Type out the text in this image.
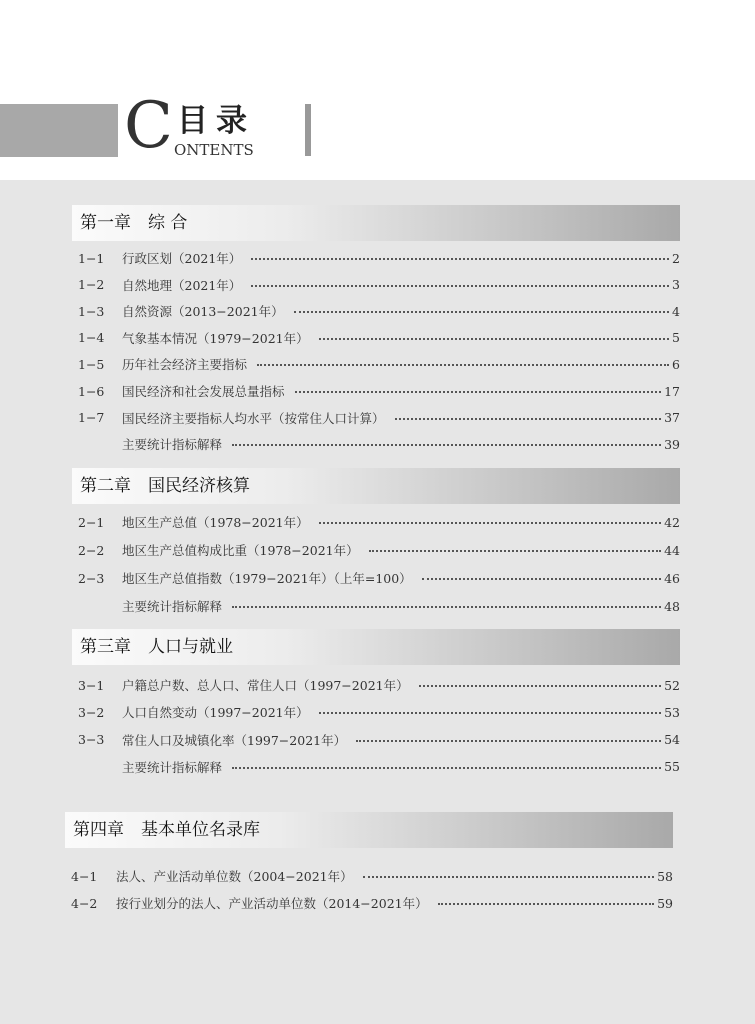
C 目录
ONTENTS
第一章　综 合
1−1	行政区划（2021年）	2
1−2	自然地理（2021年）	3
1−3	自然资源（2013−2021年）	4
1−4	气象基本情况（1979−2021年）	5
1−5	历年社会经济主要指标	6
1−6	国民经济和社会发展总量指标	17
1−7	国民经济主要指标人均水平（按常住人口计算）	37
主要统计指标解释	39
第二章　国民经济核算
2−1	地区生产总值（1978−2021年）	42
2−2	地区生产总值构成比重（1978−2021年）	44
2−3	地区生产总值指数（1979−2021年）（上年=100）	46
主要统计指标解释	48
第三章　人口与就业
3−1	户籍总户数、总人口、常住人口（1997−2021年）	52
3−2	人口自然变动（1997−2021年）	53
3−3	常住人口及城镇化率（1997−2021年）	54
主要统计指标解释	55
第四章　基本单位名录库
4−1	法人、产业活动单位数（2004−2021年）	58
4−2	按行业划分的法人、产业活动单位数（2014−2021年）	59
